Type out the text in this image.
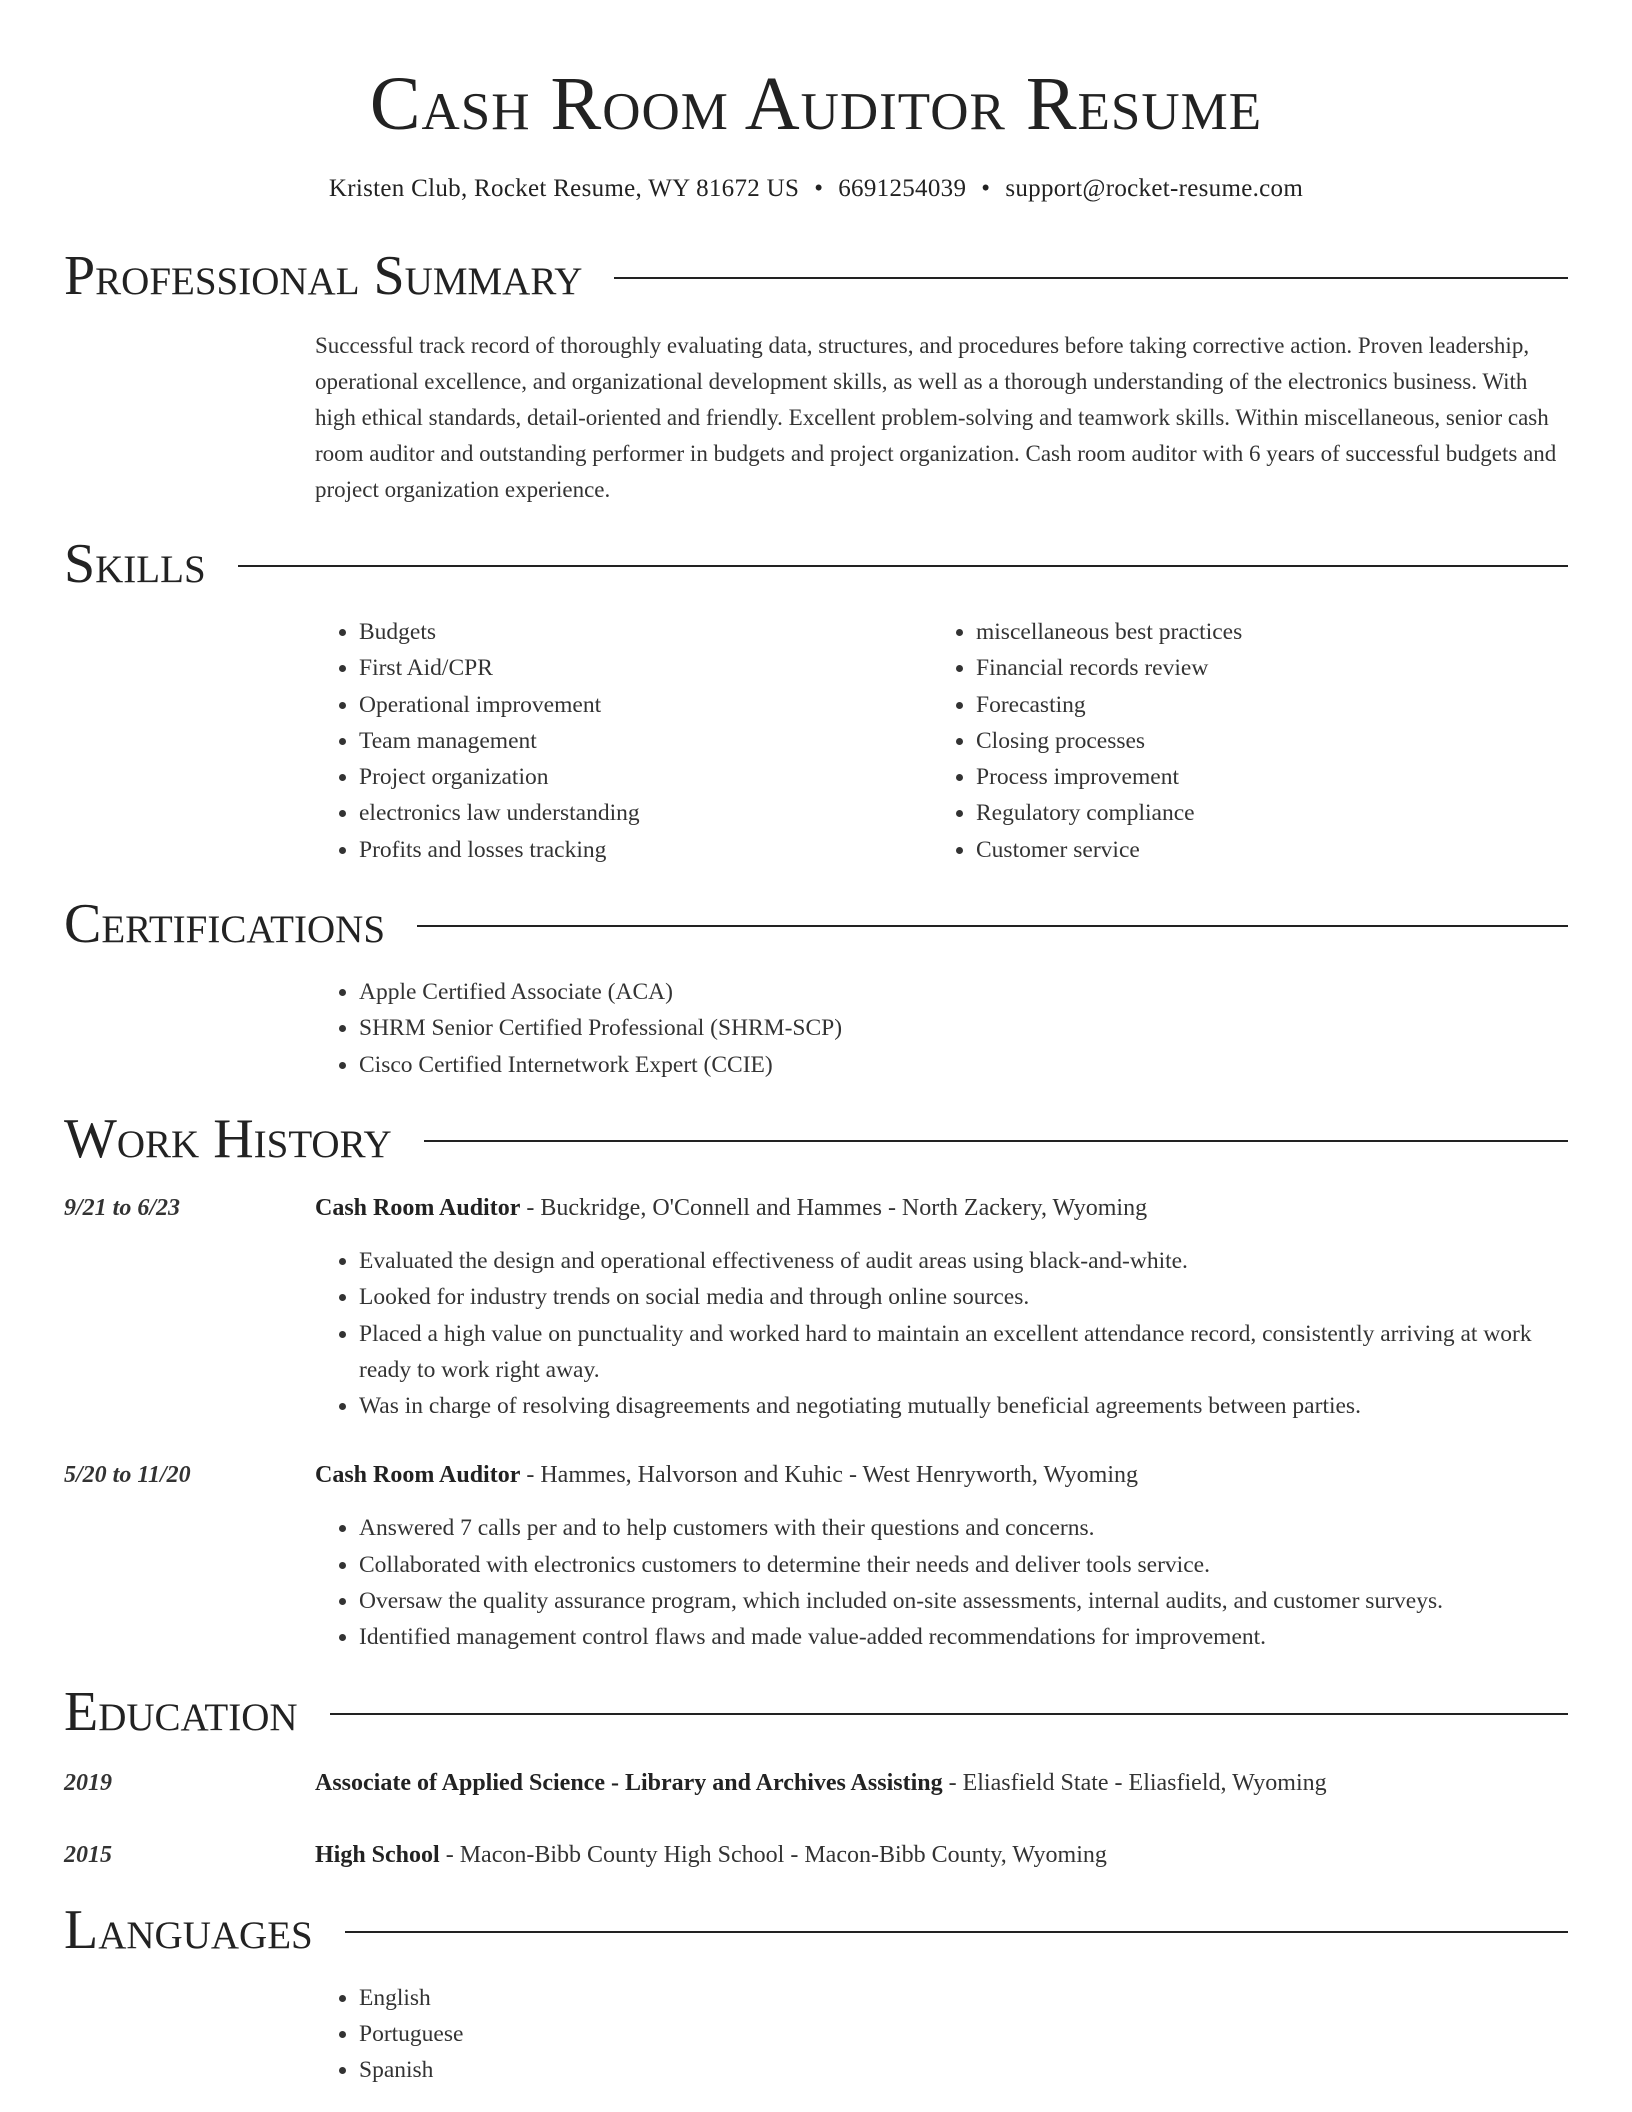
Cash Room Auditor Resume
Kristen Club, Rocket Resume, WY 81672 US • 6691254039 • support@rocket-resume.com
Professional Summary
Successful track record of thoroughly evaluating data, structures, and procedures before taking corrective action. Proven leadership, operational excellence, and organizational development skills, as well as a thorough understanding of the electronics business. With high ethical standards, detail-oriented and friendly. Excellent problem-solving and teamwork skills. Within miscellaneous, senior cash room auditor and outstanding performer in budgets and project organization. Cash room auditor with 6 years of successful budgets and project organization experience.
Skills
• Budgets
• First Aid/CPR
• Operational improvement
• Team management
• Project organization
• electronics law understanding
• Profits and losses tracking
• miscellaneous best practices
• Financial records review
• Forecasting
• Closing processes
• Process improvement
• Regulatory compliance
• Customer service
Certifications
• Apple Certified Associate (ACA)
• SHRM Senior Certified Professional (SHRM-SCP)
• Cisco Certified Internetwork Expert (CCIE)
Work History
9/21 to 6/23	Cash Room Auditor - Buckridge, O'Connell and Hammes - North Zackery, Wyoming
• Evaluated the design and operational effectiveness of audit areas using black-and-white.
• Looked for industry trends on social media and through online sources.
• Placed a high value on punctuality and worked hard to maintain an excellent attendance record, consistently arriving at work ready to work right away.
• Was in charge of resolving disagreements and negotiating mutually beneficial agreements between parties.
5/20 to 11/20	Cash Room Auditor - Hammes, Halvorson and Kuhic - West Henryworth, Wyoming
• Answered 7 calls per and to help customers with their questions and concerns.
• Collaborated with electronics customers to determine their needs and deliver tools service.
• Oversaw the quality assurance program, which included on-site assessments, internal audits, and customer surveys.
• Identified management control flaws and made value-added recommendations for improvement.
Education
2019	Associate of Applied Science - Library and Archives Assisting - Eliasfield State - Eliasfield, Wyoming
2015	High School - Macon-Bibb County High School - Macon-Bibb County, Wyoming
Languages
• English
• Portuguese
• Spanish
